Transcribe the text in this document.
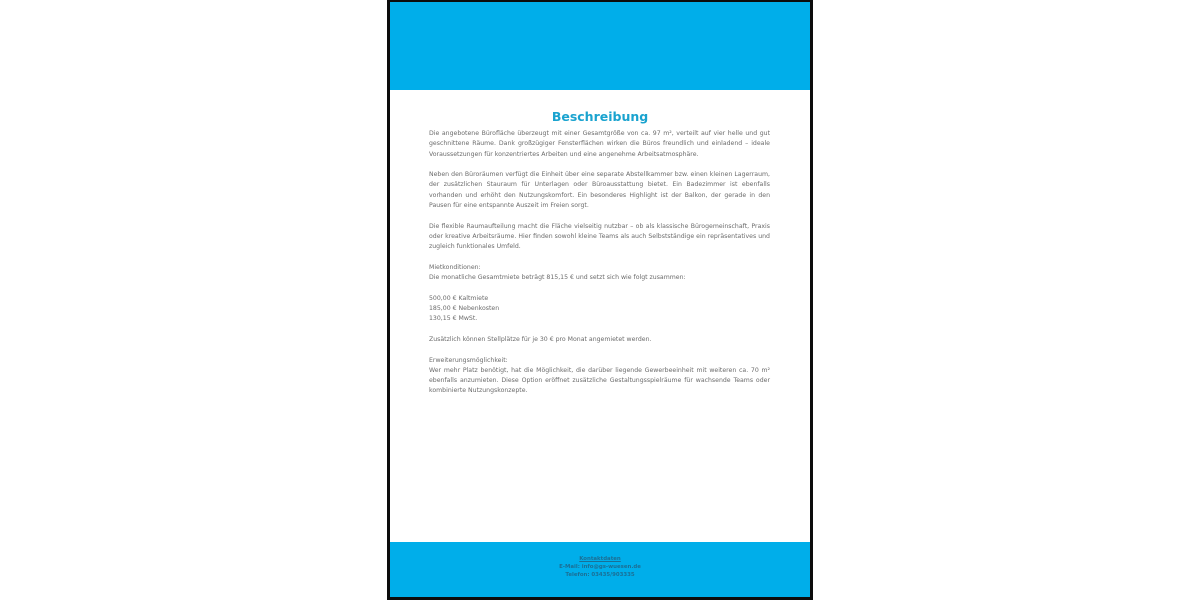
Beschreibung

Die angebotene Bürofläche überzeugt mit einer Gesamtgröße von ca. 97 m², verteilt auf vier helle und gut geschnittene Räume. Dank großzügiger Fensterflächen wirken die Büros freundlich und einladend – ideale Voraussetzungen für konzentriertes Arbeiten und eine angenehme Arbeitsatmosphäre.

Neben den Büroräumen verfügt die Einheit über eine separate Abstellkammer bzw. einen kleinen Lagerraum, der zusätzlichen Stauraum für Unterlagen oder Büroausstattung bietet. Ein Badezimmer ist ebenfalls vorhanden und erhöht den Nutzungskomfort. Ein besonderes Highlight ist der Balkon, der gerade in den Pausen für eine entspannte Auszeit im Freien sorgt.

Die flexible Raumaufteilung macht die Fläche vielseitig nutzbar – ob als klassische Bürogemeinschaft, Praxis oder kreative Arbeitsräume. Hier finden sowohl kleine Teams als auch Selbstständige ein repräsentatives und zugleich funktionales Umfeld.

Mietkonditionen:
Die monatliche Gesamtmiete beträgt 815,15 € und setzt sich wie folgt zusammen:

500,00 € Kaltmiete
185,00 € Nebenkosten
130,15 € MwSt.

Zusätzlich können Stellplätze für je 30 € pro Monat angemietet werden.

Erweiterungsmöglichkeit:
Wer mehr Platz benötigt, hat die Möglichkeit, die darüber liegende Gewerbeeinheit mit weiteren ca. 70 m² ebenfalls anzumieten. Diese Option eröffnet zusätzliche Gestaltungsspielräume für wachsende Teams oder kombinierte Nutzungskonzepte.

Kontaktdaten
E-Mail: info@gs-wuesen.de
Telefon: 03435/903335
